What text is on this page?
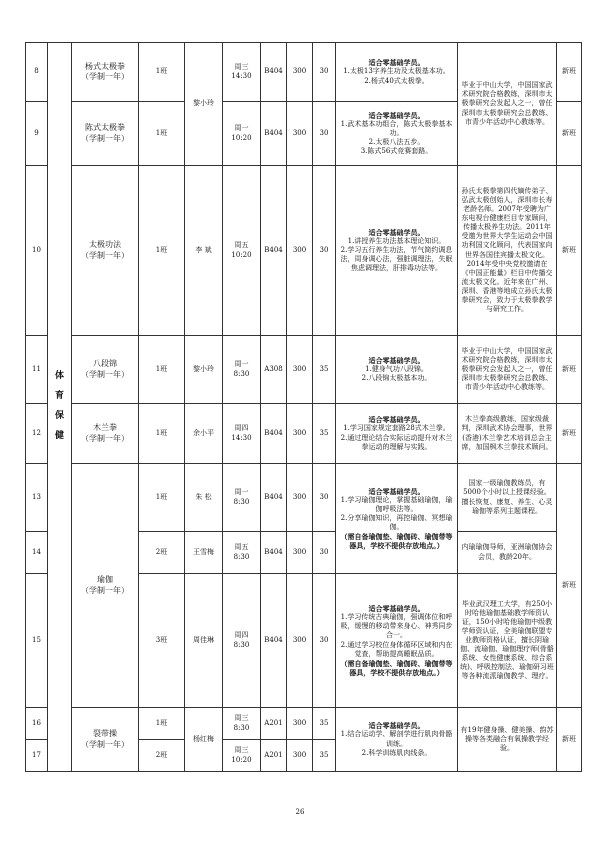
8	体
育
保
健	杨式太极拳
（学制一年）	1班	黎小玲	周三
14:30	B404	300	30	适合零基础学员。
1.太极13字养生功及太极基本功。
2.杨式40式太极拳。	毕业于中山大学，中国国家武术研究院合格教练，深圳市太极拳研究会发起人之一，曾任深圳市太极拳研究会总教练、市青少年活动中心教练等。	新班
9		陈式太极拳
（学制一年）	1班		周一
10:20	B404	300	30	适合零基础学员。
1.武术基本功组合，陈式太极拳基本功。
2.太极八法五步。
3.陈式56式竞赛套路。		新班
10		太极功法
（学制一年）	1班	李 斌	周五
10:20	B404	300	30	适合零基础学员。
1.讲授养生功法基本理论知识。
2.学习五行养生功法，节气简约调息法，周身调心法，强脏调理法，失眠焦虑调理法，肝排毒功法等。	孙氏太极拳第四代嫡传弟子、弘武太极创始人，深圳市长寿老龄名师。2007年受聘为广东电视台健康栏目专家顾问，传播太极养生功法。2011年受邀为世界大学生运动会中国功利国文化顾问，代表国家向世界各国佳宾播太极文化。2014年受中央党校邀请在《中国正能量》栏目中传播交流太极文化。近年来在广州、深圳、香港等地成立孙氏太极拳研究会，致力于太极拳教学与研究工作。	新班
11		八段锦
（学制一年）	1班	黎小玲	周一
8:30	A308	300	35	适合零基础学员。
1.健身气功八段锦。
2.八段锦太极基本功。	毕业于中山大学，中国国家武术研究院合格教练，深圳市太极拳研究会发起人之一，曾任深圳市太极拳研究会总教练、市青少年活动中心教练等。	新班
12		木兰拳
（学制一年）	1班	余小平	周四
14:30	B404	300	35	适合零基础学员。
1.学习国家规定套路28式木兰拳。
2.通过理论结合实际运动提升对木兰拳运动的理解与实践。	木兰拳高级教练，国家级裁判，深圳武术协会理事，世界(香港)木兰拳艺术培训总会主席，加国枫木兰拳技术顾问。	新班
13		瑜伽
（学制一年）	1班	朱 松	周一
8:30	B404	300	30	适合零基础学员。
1.学习瑜伽理论，掌握基础瑜伽，瑜伽呼吸法等。
2.分享瑜伽知识，再控瑜伽、冥想瑜伽。
（需自备瑜伽垫、瑜伽砖、瑜伽带等器具，学校不提供存放地点。）	国家一级瑜伽教练员，有5000个小时以上授课经验。擅长恢复、康复、养生、心灵瑜伽等系列主题课程。	新班
14			2班	王雪梅	周五
8:30	B404	300	30		内瑜瑜伽导师，亚洲瑜伽协会会员，教龄20年。	
15			3班	周佳琳	周四
8:30	B404	300	30	适合零基础学员。
1.学习传统古典瑜伽，强调体位和呼吸，缓慢的移动带来身心、神秀同步合一。
2.通过学习校位身体循环区域和内在觉查，帮助提高睡眠品质。
（需自备瑜伽垫、瑜伽砖、瑜伽带等器具，学校不提供存放地点。）	毕业武汉理工大学，有250小时哈他瑜伽基础教学师资认证，150小时哈他瑜伽中级教学师资认证，全美瑜伽联盟专业教师资格认证，擅长阴瑜伽、流瑜伽、瑜伽理疗师(骨骼系统、女性健康系统、综合系统)、呼吸控制法、瑜伽研习班等各种流派瑜伽教学、理疗。	
16		裂带操
（学制一年）	1班	杨红梅	周三
8:30	A201	300	35	适合零基础学员。
1.结合运动学、解剖学进行肌肉骨骼训练。
2.科学训练肌肉线条。	有19年健身操、健美操、韵苏操等各类融合有氧操教学经验。	新班
17			2班		周三
10:20	A201	300	35			
26
